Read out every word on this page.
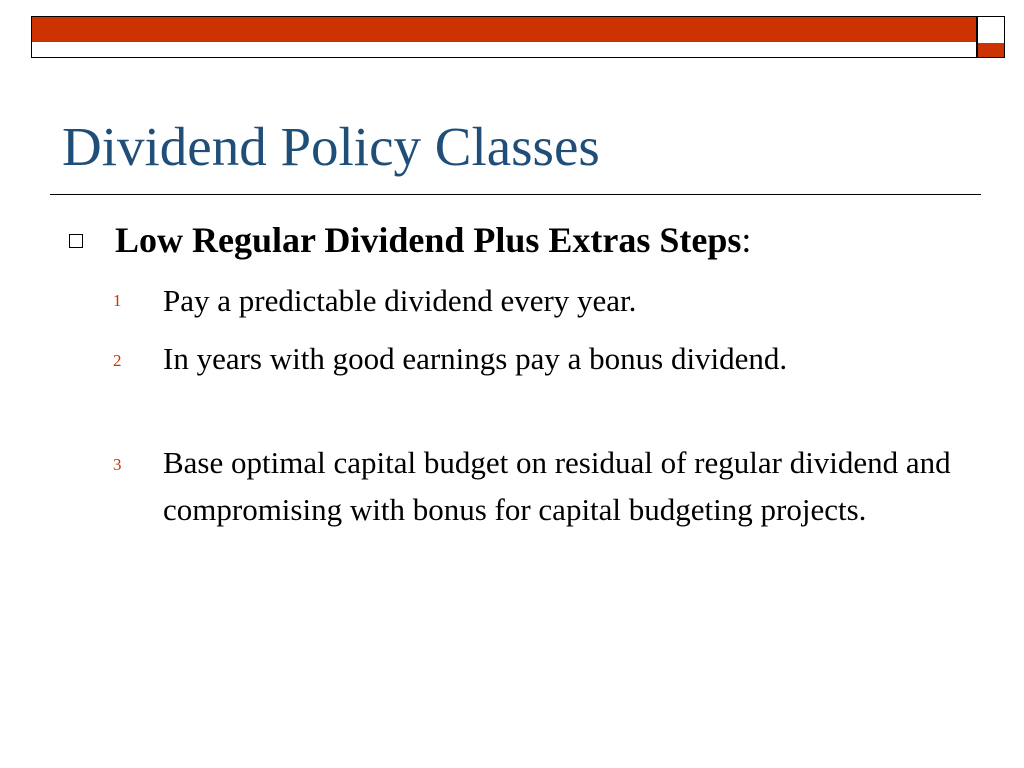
Dividend Policy Classes
Low Regular Dividend Plus Extras Steps:
1 Pay a predictable dividend every year.
2 In years with good earnings pay a bonus dividend.
3 Base optimal capital budget on residual of regular dividend and compromising with bonus for capital budgeting projects.
